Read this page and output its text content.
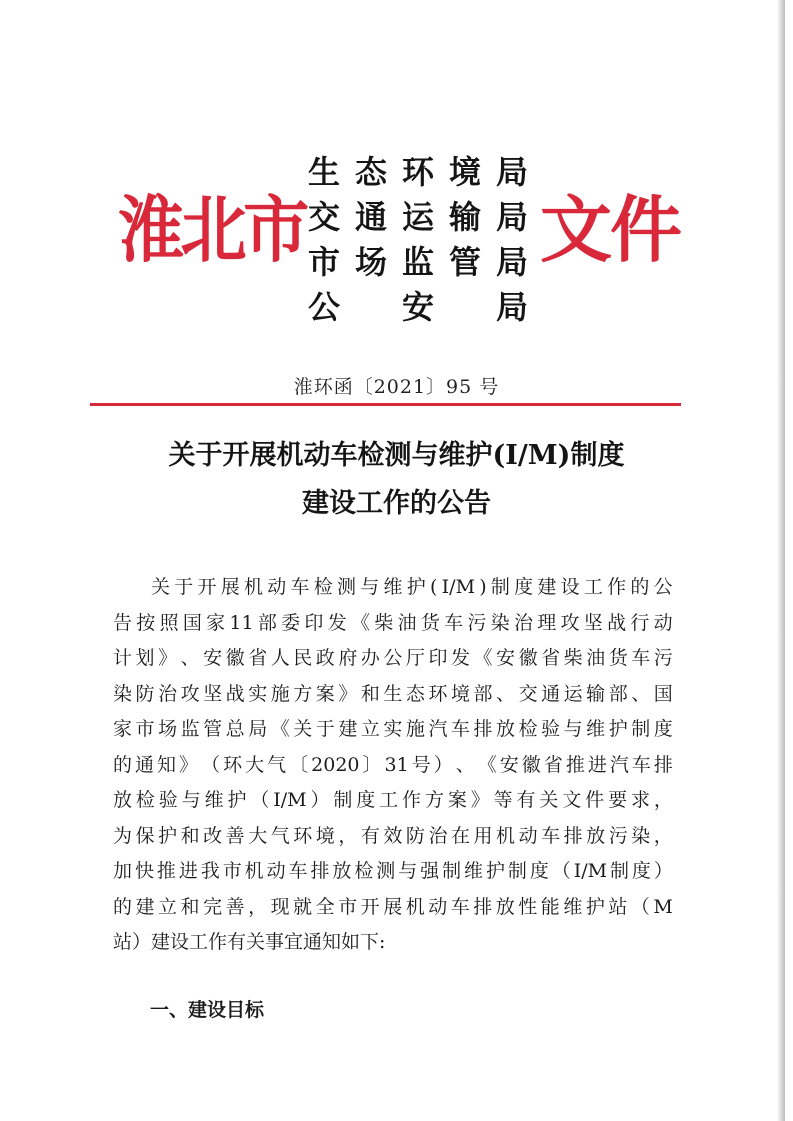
淮北市
生 态 环 境 局
交 通 运 输 局
市 场 监 管 局
公 安 局
文件
淮环函〔2021〕95 号
关于开展机动车检测与维护(I/M)制度
建设工作的公告
关 于 开 展 机 动 车 检 测 与 维 护 ( I/M ) 制 度 建 设 工 作 的 公
告 按 照 国 家 11 部 委 印 发 《 柴 油 货 车 污 染 治 理 攻 坚 战 行 动
计 划 》 、 安 徽 省 人 民 政 府 办 公 厅 印 发 《 安 徽 省 柴 油 货 车 污
染 防 治 攻 坚 战 实 施 方 案 》 和 生 态 环 境 部 、 交 通 运 输 部 、 国
家 市 场 监 管 总 局 《 关 于 建 立 实 施 汽 车 排 放 检 验 与 维 护 制 度
的 通 知 》 （ 环 大 气 〔 2020 〕 31 号 ） 、 《 安 徽 省 推 进 汽 车 排
放 检 验 与 维 护 （ I/M ） 制 度 工 作 方 案 》 等 有 关 文 件 要 求 ，
为 保 护 和 改 善 大 气 环 境 ， 有 效 防 治 在 用 机 动 车 排 放 污 染 ，
加 快 推 进 我 市 机 动 车 排 放 检 测 与 强 制 维 护 制 度 （ I/M 制 度 ）
的 建 立 和 完 善 ， 现 就 全 市 开 展 机 动 车 排 放 性 能 维 护 站 （ M
站）建设工作有关事宜通知如下:
一、建设目标
